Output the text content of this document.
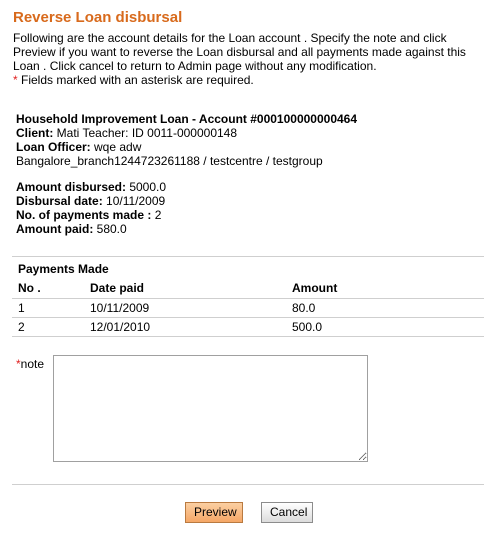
Reverse Loan disbursal

Following are the account details for the Loan account . Specify the note and click Preview if you want to reverse the Loan disbursal and all payments made against this Loan . Click cancel to return to Admin page without any modification.

* Fields marked with an asterisk are required.

Household Improvement Loan - Account #000100000000464

Client: Mati Teacher: ID 0011-000000148

Loan Officer: wqe adw

Bangalore_branch1244723261188 / testcentre / testgroup

Amount disbursed: 5000.0

Disbursal date: 10/11/2009

No. of payments made : 2

Amount paid: 580.0

Payments Made

No .	Date paid	Amount
1	10/11/2009	80.0
2	12/01/2010	500.0
*note
Preview	Cancel
